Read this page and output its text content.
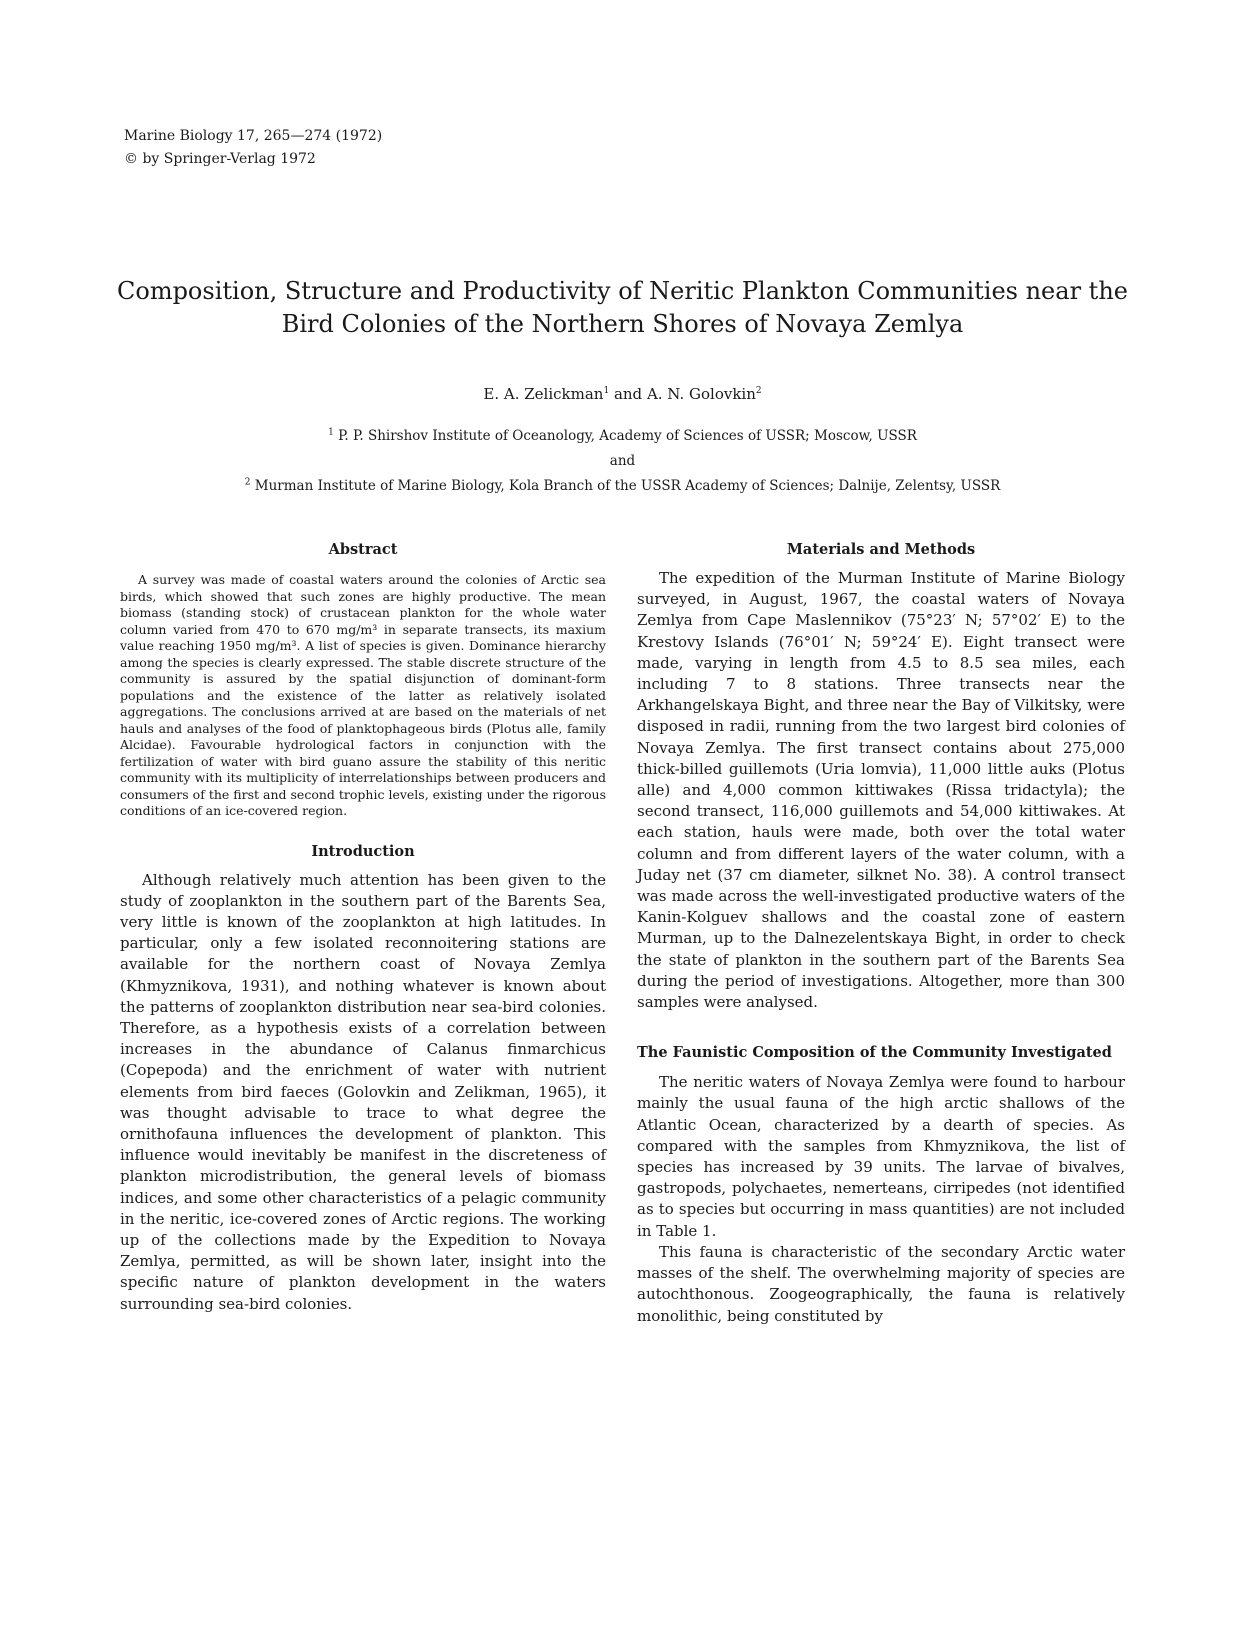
Marine Biology 17, 265—274 (1972)
© by Springer-Verlag 1972
Composition, Structure and Productivity of Neritic Plankton Communities near the Bird Colonies of the Northern Shores of Novaya Zemlya
E. A. Zelickman$^1$ and A. N. Golovkin$^2$
$^1$ P. P. Shirshov Institute of Oceanology, Academy of Sciences of USSR; Moscow, USSR
and
$^2$ Murman Institute of Marine Biology, Kola Branch of the USSR Academy of Sciences; Dalnije, Zelentsy, USSR
Abstract

A survey was made of coastal waters around the colonies of Arctic sea birds, which showed that such zones are highly productive. The mean biomass (standing stock) of crustacean plankton for the whole water column varied from 470 to 670 mg/m³ in separate transects, its maxium value reaching 1950 mg/m³. A list of species is given. Dominance hierarchy among the species is clearly expressed. The stable discrete structure of the community is assured by the spatial disjunction of dominant-form populations and the existence of the latter as relatively isolated aggregations. The conclusions arrived at are based on the materials of net hauls and analyses of the food of planktophageous birds (Plotus alle, family Alcidae). Favourable hydrological factors in conjunction with the fertilization of water with bird guano assure the stability of this neritic community with its multiplicity of interrelationships between producers and consumers of the first and second trophic levels, existing under the rigorous conditions of an ice-covered region.

Introduction

Although relatively much attention has been given to the study of zooplankton in the southern part of the Barents Sea, very little is known of the zooplankton at high latitudes. In particular, only a few isolated reconnoitering stations are available for the northern coast of Novaya Zemlya (Khmyznikova, 1931), and nothing whatever is known about the patterns of zooplankton distribution near sea-bird colonies. Therefore, as a hypothesis exists of a correlation between increases in the abundance of Calanus finmarchicus (Copepoda) and the enrichment of water with nutrient elements from bird faeces (Golovkin and Zelikman, 1965), it was thought advisable to trace to what degree the ornithofauna influences the development of plankton. This influence would inevitably be manifest in the discreteness of plankton microdistribution, the general levels of biomass indices, and some other characteristics of a pelagic community in the neritic, ice-covered zones of Arctic regions. The working up of the collections made by the Expedition to Novaya Zemlya, permitted, as will be shown later, insight into the specific nature of plankton development in the waters surrounding sea-bird colonies.

Materials and Methods

The expedition of the Murman Institute of Marine Biology surveyed, in August, 1967, the coastal waters of Novaya Zemlya from Cape Maslennikov (75°23′ N; 57°02′ E) to the Krestovy Islands (76°01′ N; 59°24′ E). Eight transect were made, varying in length from 4.5 to 8.5 sea miles, each including 7 to 8 stations. Three transects near the Arkhangelskaya Bight, and three near the Bay of Vilkitsky, were disposed in radii, running from the two largest bird colonies of Novaya Zemlya. The first transect contains about 275,000 thick-billed guillemots (Uria lomvia), 11,000 little auks (Plotus alle) and 4,000 common kittiwakes (Rissa tridactyla); the second transect, 116,000 guillemots and 54,000 kittiwakes. At each station, hauls were made, both over the total water column and from different layers of the water column, with a Juday net (37 cm diameter, silknet No. 38). A control transect was made across the well-investigated productive waters of the Kanin-Kolguev shallows and the coastal zone of eastern Murman, up to the Dalnezelentskaya Bight, in order to check the state of plankton in the southern part of the Barents Sea during the period of investigations. Altogether, more than 300 samples were analysed.

The Faunistic Composition of the Community Investigated

The neritic waters of Novaya Zemlya were found to harbour mainly the usual fauna of the high arctic shallows of the Atlantic Ocean, characterized by a dearth of species. As compared with the samples from Khmyznikova, the list of species has increased by 39 units. The larvae of bivalves, gastropods, polychaetes, nemerteans, cirripedes (not identified as to species but occurring in mass quantities) are not included in Table 1.

This fauna is characteristic of the secondary Arctic water masses of the shelf. The overwhelming majority of species are autochthonous. Zoogeographically, the fauna is relatively monolithic, being constituted by
